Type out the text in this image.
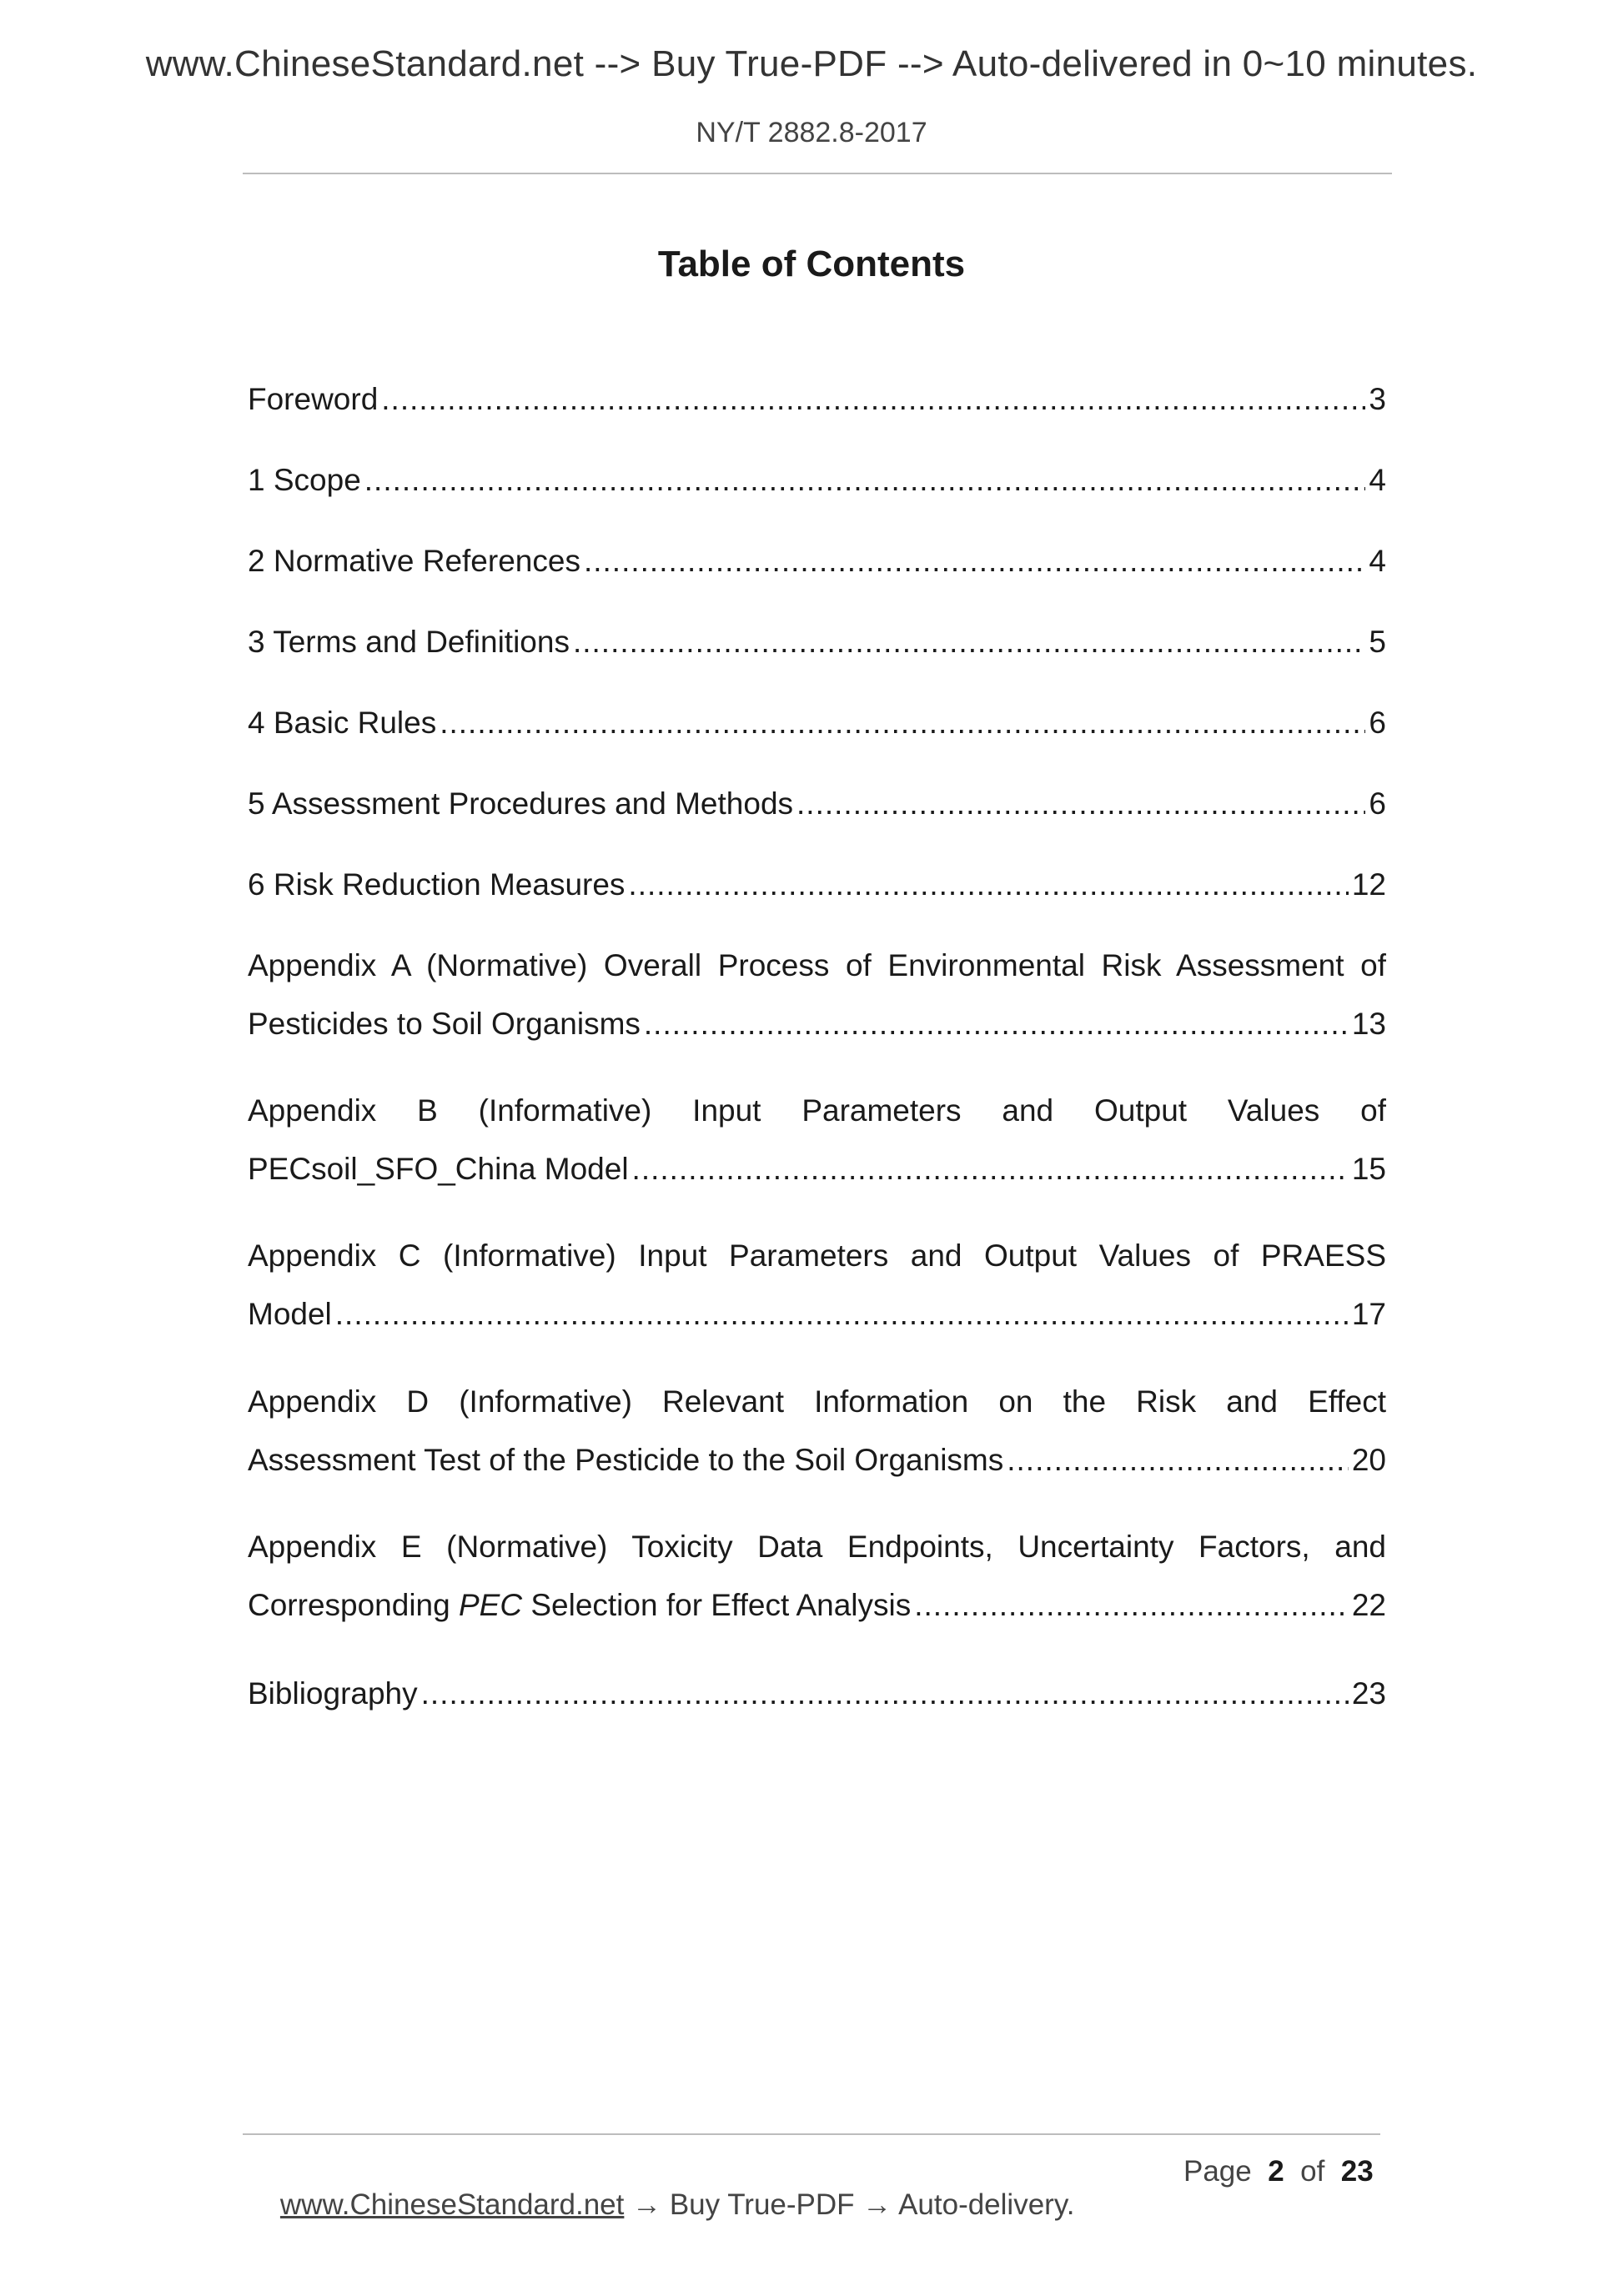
www.ChineseStandard.net --> Buy True-PDF --> Auto-delivered in 0~10 minutes.
NY/T 2882.8-2017
Table of Contents
Foreword .....	3
1 Scope .....	4
2 Normative References .....	4
3 Terms and Definitions .....	5
4 Basic Rules .....	6
5 Assessment Procedures and Methods .....	6
6 Risk Reduction Measures .....	12
Appendix A (Normative) Overall Process of Environmental Risk Assessment of
Pesticides to Soil Organisms .....	13
Appendix B (Informative) Input Parameters and Output Values of
PECsoil_SFO_China Model .....	15
Appendix C (Informative) Input Parameters and Output Values of PRAESS
Model .....	17
Appendix D (Informative) Relevant Information on the Risk and Effect
Assessment Test of the Pesticide to the Soil Organisms .....	20
Appendix E (Normative) Toxicity Data Endpoints, Uncertainty Factors, and
Corresponding PEC Selection for Effect Analysis .....	22
Bibliography .....	23

www.ChineseStandard.net → Buy True-PDF → Auto-delivery.

Page 2 of 23
